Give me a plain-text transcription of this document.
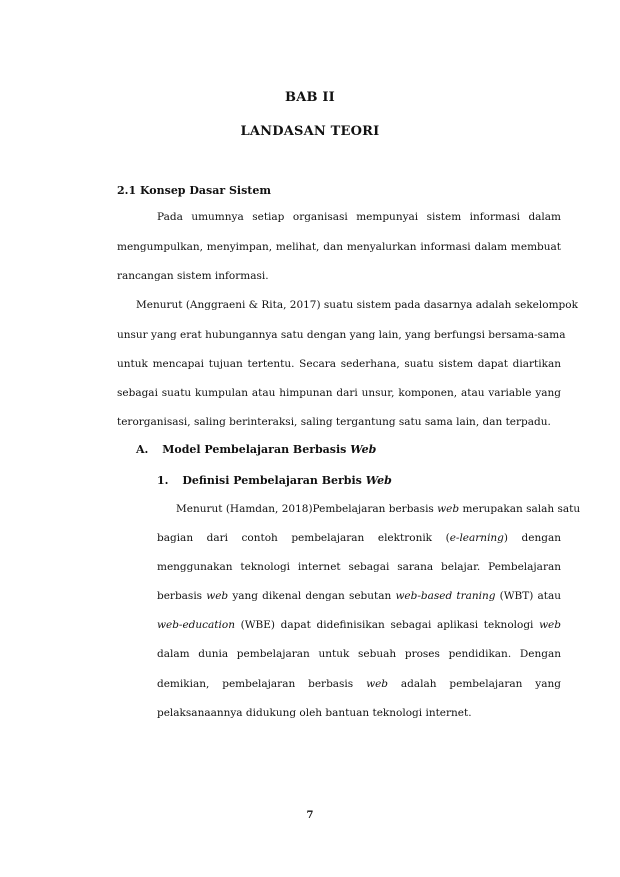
BAB II
LANDASAN TEORI
2.1 Konsep Dasar Sistem
Pada umumnya setiap organisasi mempunyai sistem informasi dalam
mengumpulkan, menyimpan, melihat, dan menyalurkan informasi dalam membuat
rancangan sistem informasi.
Menurut (Anggraeni & Rita, 2017) suatu sistem pada dasarnya adalah sekelompok
unsur yang erat hubungannya satu dengan yang lain, yang berfungsi bersama-sama
untuk mencapai tujuan tertentu. Secara sederhana, suatu sistem dapat diartikan
sebagai suatu kumpulan atau himpunan dari unsur, komponen, atau variable yang
terorganisasi, saling berinteraksi, saling tergantung satu sama lain, dan terpadu.
A. Model Pembelajaran Berbasis Web
1. Definisi Pembelajaran Berbis Web
Menurut (Hamdan, 2018)Pembelajaran berbasis web merupakan salah satu
bagian dari contoh pembelajaran elektronik (e-learning) dengan
menggunakan teknologi internet sebagai sarana belajar. Pembelajaran
berbasis web yang dikenal dengan sebutan web-based traning (WBT) atau
web-education (WBE) dapat didefinisikan sebagai aplikasi teknologi web
dalam dunia pembelajaran untuk sebuah proses pendidikan. Dengan
demikian, pembelajaran berbasis web adalah pembelajaran yang
pelaksanaannya didukung oleh bantuan teknologi internet.
7
